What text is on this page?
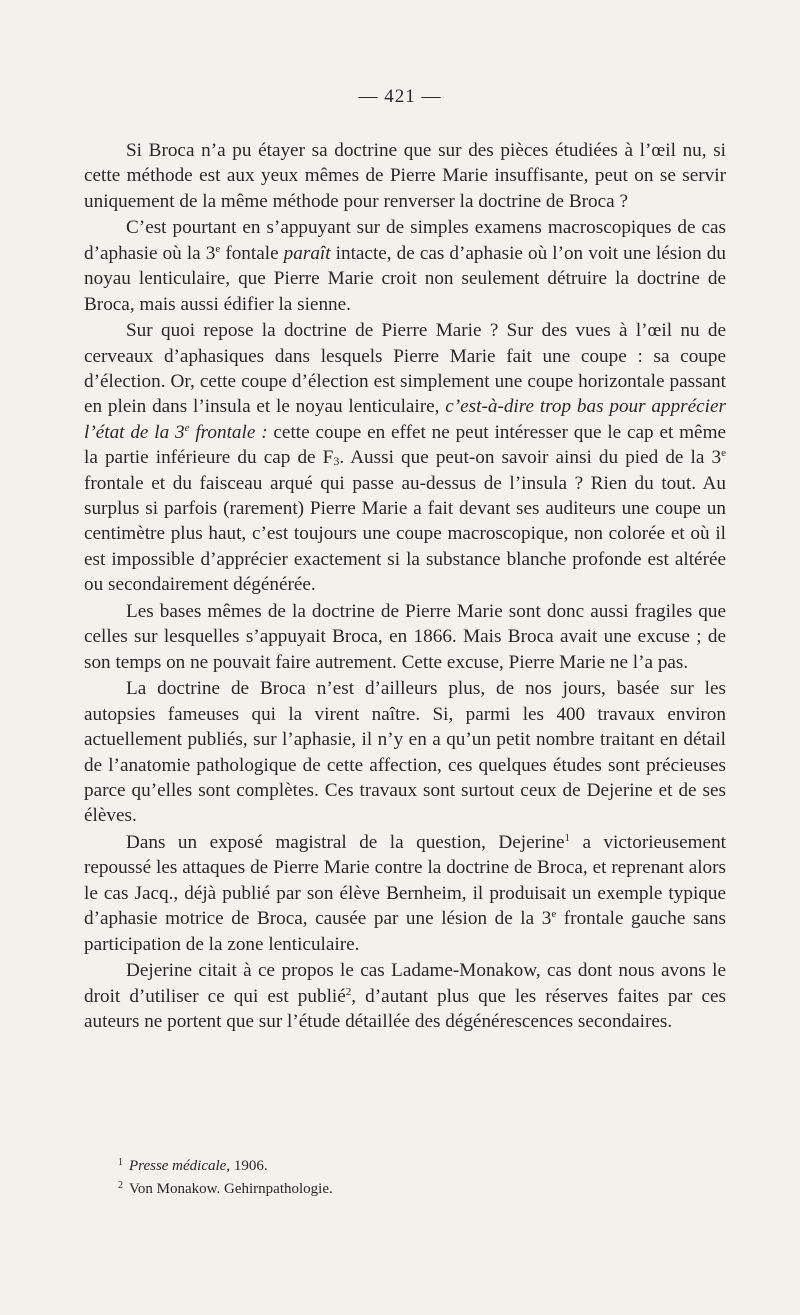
— 421 —

Si Broca n’a pu étayer sa doctrine que sur des pièces étudiées à l’œil nu, si cette méthode est aux yeux mêmes de Pierre Marie insuffisante, peut on se servir uniquement de la même méthode pour renverser la doctrine de Broca ?

C’est pourtant en s’appuyant sur de simples examens macroscopiques de cas d’aphasie où la 3e fontale paraît intacte, de cas d’aphasie où l’on voit une lésion du noyau lenticulaire, que Pierre Marie croit non seulement détruire la doctrine de Broca, mais aussi édifier la sienne.

Sur quoi repose la doctrine de Pierre Marie ? Sur des vues à l’œil nu de cerveaux d’aphasiques dans lesquels Pierre Marie fait une coupe : sa coupe d’élection. Or, cette coupe d’élection est simplement une coupe horizontale passant en plein dans l’insula et le noyau lenticulaire, c’est-à-dire trop bas pour apprécier l’état de la 3e frontale : cette coupe en effet ne peut intéresser que le cap et même la partie inférieure du cap de $F_3$. Aussi que peut-on savoir ainsi du pied de la 3e frontale et du faisceau arqué qui passe au-dessus de l’insula ? Rien du tout. Au surplus si parfois (rarement) Pierre Marie a fait devant ses auditeurs une coupe un centimètre plus haut, c’est toujours une coupe macroscopique, non colorée et où il est impossible d’apprécier exactement si la substance blanche profonde est altérée ou secondairement dégénérée.

Les bases mêmes de la doctrine de Pierre Marie sont donc aussi fragiles que celles sur lesquelles s’appuyait Broca, en 1866. Mais Broca avait une excuse ; de son temps on ne pouvait faire autrement. Cette excuse, Pierre Marie ne l’a pas.

La doctrine de Broca n’est d’ailleurs plus, de nos jours, basée sur les autopsies fameuses qui la virent naître. Si, parmi les 400 travaux environ actuellement publiés, sur l’aphasie, il n’y en a qu’un petit nombre traitant en détail de l’anatomie pathologique de cette affection, ces quelques études sont précieuses parce qu’elles sont complètes. Ces travaux sont surtout ceux de Dejerine et de ses élèves.

Dans un exposé magistral de la question, Dejerine$^1$ a victorieusement repoussé les attaques de Pierre Marie contre la doctrine de Broca, et reprenant alors le cas Jacq., déjà publié par son élève Bernheim, il produisait un exemple typique d’aphasie motrice de Broca, causée par une lésion de la 3e frontale gauche sans participation de la zone lenticulaire.

Dejerine citait à ce propos le cas Ladame-Monakow, cas dont nous avons le droit d’utiliser ce qui est publié$^2$, d’autant plus que les réserves faites par ces auteurs ne portent que sur l’étude détaillée des dégénérescences secondaires.

$^1$ Presse médicale, 1906.

$^2$ Von Monakow. Gehirnpathologie.
